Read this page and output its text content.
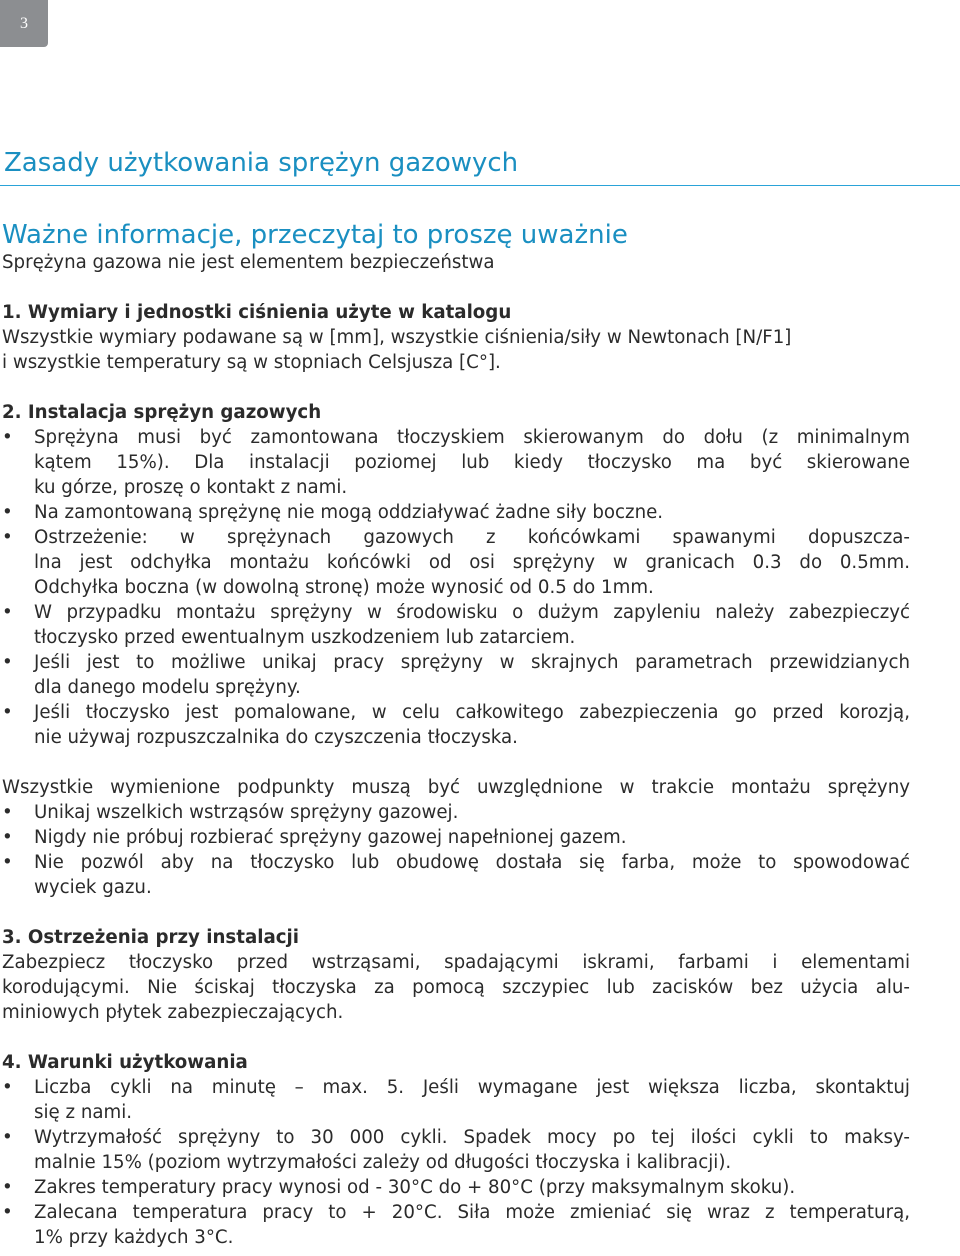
3
Zasady użytkowania sprężyn gazowych
Ważne informacje, przeczytaj to proszę uważnie
Sprężyna gazowa nie jest elementem bezpieczeństwa
1. Wymiary i jednostki ciśnienia użyte w katalogu
Wszystkie wymiary podawane są w [mm], wszystkie ciśnienia/siły w Newtonach [N/F1]
i wszystkie temperatury są w stopniach Celsjusza [C°].
2. Instalacja sprężyn gazowych
• Sprężyna musi być zamontowana tłoczyskiem skierowanym do dołu (z minimalnym
kątem 15%). Dla instalacji poziomej lub kiedy tłoczysko ma być skierowane
ku górze, proszę o kontakt z nami.
• Na zamontowaną sprężynę nie mogą oddziaływać żadne siły boczne.
• Ostrzeżenie: w sprężynach gazowych z końcówkami spawanymi dopuszcza-
lna jest odchyłka montażu końcówki od osi sprężyny w granicach 0.3 do 0.5mm.
Odchyłka boczna (w dowolną stronę) może wynosić od 0.5 do 1mm.
• W przypadku montażu sprężyny w środowisku o dużym zapyleniu należy zabezpieczyć
tłoczysko przed ewentualnym uszkodzeniem lub zatarciem.
• Jeśli jest to możliwe unikaj pracy sprężyny w skrajnych parametrach przewidzianych
dla danego modelu sprężyny.
• Jeśli tłoczysko jest pomalowane, w celu całkowitego zabezpieczenia go przed korozją,
nie używaj rozpuszczalnika do czyszczenia tłoczyska.
Wszystkie wymienione podpunkty muszą być uwzględnione w trakcie montażu sprężyny
• Unikaj wszelkich wstrząsów sprężyny gazowej.
• Nigdy nie próbuj rozbierać sprężyny gazowej napełnionej gazem.
• Nie pozwól aby na tłoczysko lub obudowę dostała się farba, może to spowodować
wyciek gazu.
3. Ostrzeżenia przy instalacji
Zabezpiecz tłoczysko przed wstrząsami, spadającymi iskrami, farbami i elementami
korodującymi. Nie ściskaj tłoczyska za pomocą szczypiec lub zacisków bez użycia alu-
miniowych płytek zabezpieczających.
4. Warunki użytkowania
• Liczba cykli na minutę – max. 5. Jeśli wymagane jest większa liczba, skontaktuj
się z nami.
• Wytrzymałość sprężyny to 30 000 cykli. Spadek mocy po tej ilości cykli to maksy-
malnie 15% (poziom wytrzymałości zależy od długości tłoczyska i kalibracji).
• Zakres temperatury pracy wynosi od - 30°C do + 80°C (przy maksymalnym skoku).
• Zalecana temperatura pracy to + 20°C. Siła może zmieniać się wraz z temperaturą,
1% przy każdych 3°C.
